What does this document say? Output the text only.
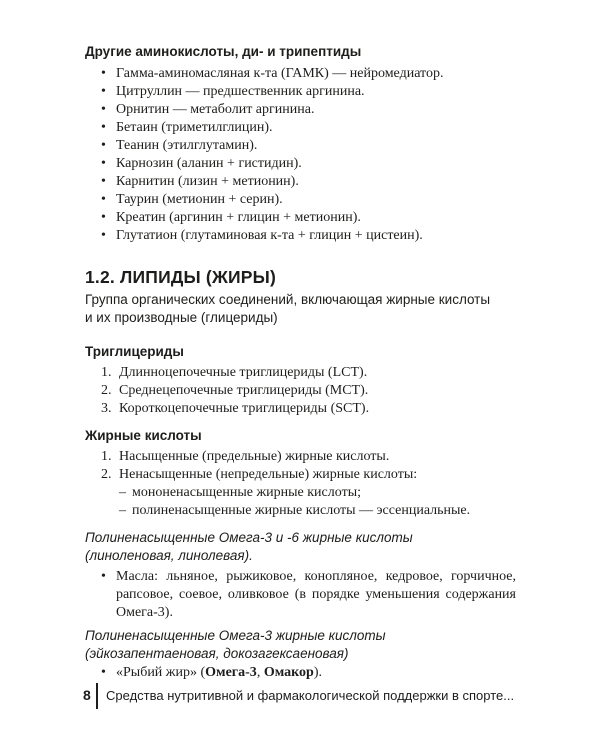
Другие аминокислоты, ди- и трипептиды
• Гамма-аминомасляная к-та (ГАМК) — нейромедиатор.
• Цитруллин — предшественник аргинина.
• Орнитин — метаболит аргинина.
• Бетаин (триметилглицин).
• Теанин (этилглутамин).
• Карнозин (аланин + гистидин).
• Карнитин (лизин + метионин).
• Таурин (метионин + серин).
• Креатин (аргинин + глицин + метионин).
• Глутатион (глутаминовая к-та + глицин + цистеин).
1.2. ЛИПИДЫ (ЖИРЫ)
Группа органических соединений, включающая жирные кислоты
и их производные (глицериды)
Триглицериды
1. Длинноцепочечные триглицериды (LCT).
2. Среднецепочечные триглицериды (MCT).
3. Короткоцепочечные триглицериды (SCT).
Жирные кислоты
1. Насыщенные (предельные) жирные кислоты.
2. Ненасыщенные (непредельные) жирные кислоты:
– мононенасыщенные жирные кислоты;
– полиненасыщенные жирные кислоты — эссенциальные.
Полиненасыщенные Омега-3 и -6 жирные кислоты
(линоленовая, линолевая).
• Масла: льняное, рыжиковое, конопляное, кедровое, горчичное,
рапсовое, соевое, оливковое (в порядке уменьшения содержания
Омега-3).
Полиненасыщенные Омега-3 жирные кислоты
(эйкозапентаеновая, докозагексаеновая)
• «Рыбий жир» (Омега-3, Омакор).
8 Средства нутритивной и фармакологической поддержки в спорте...
